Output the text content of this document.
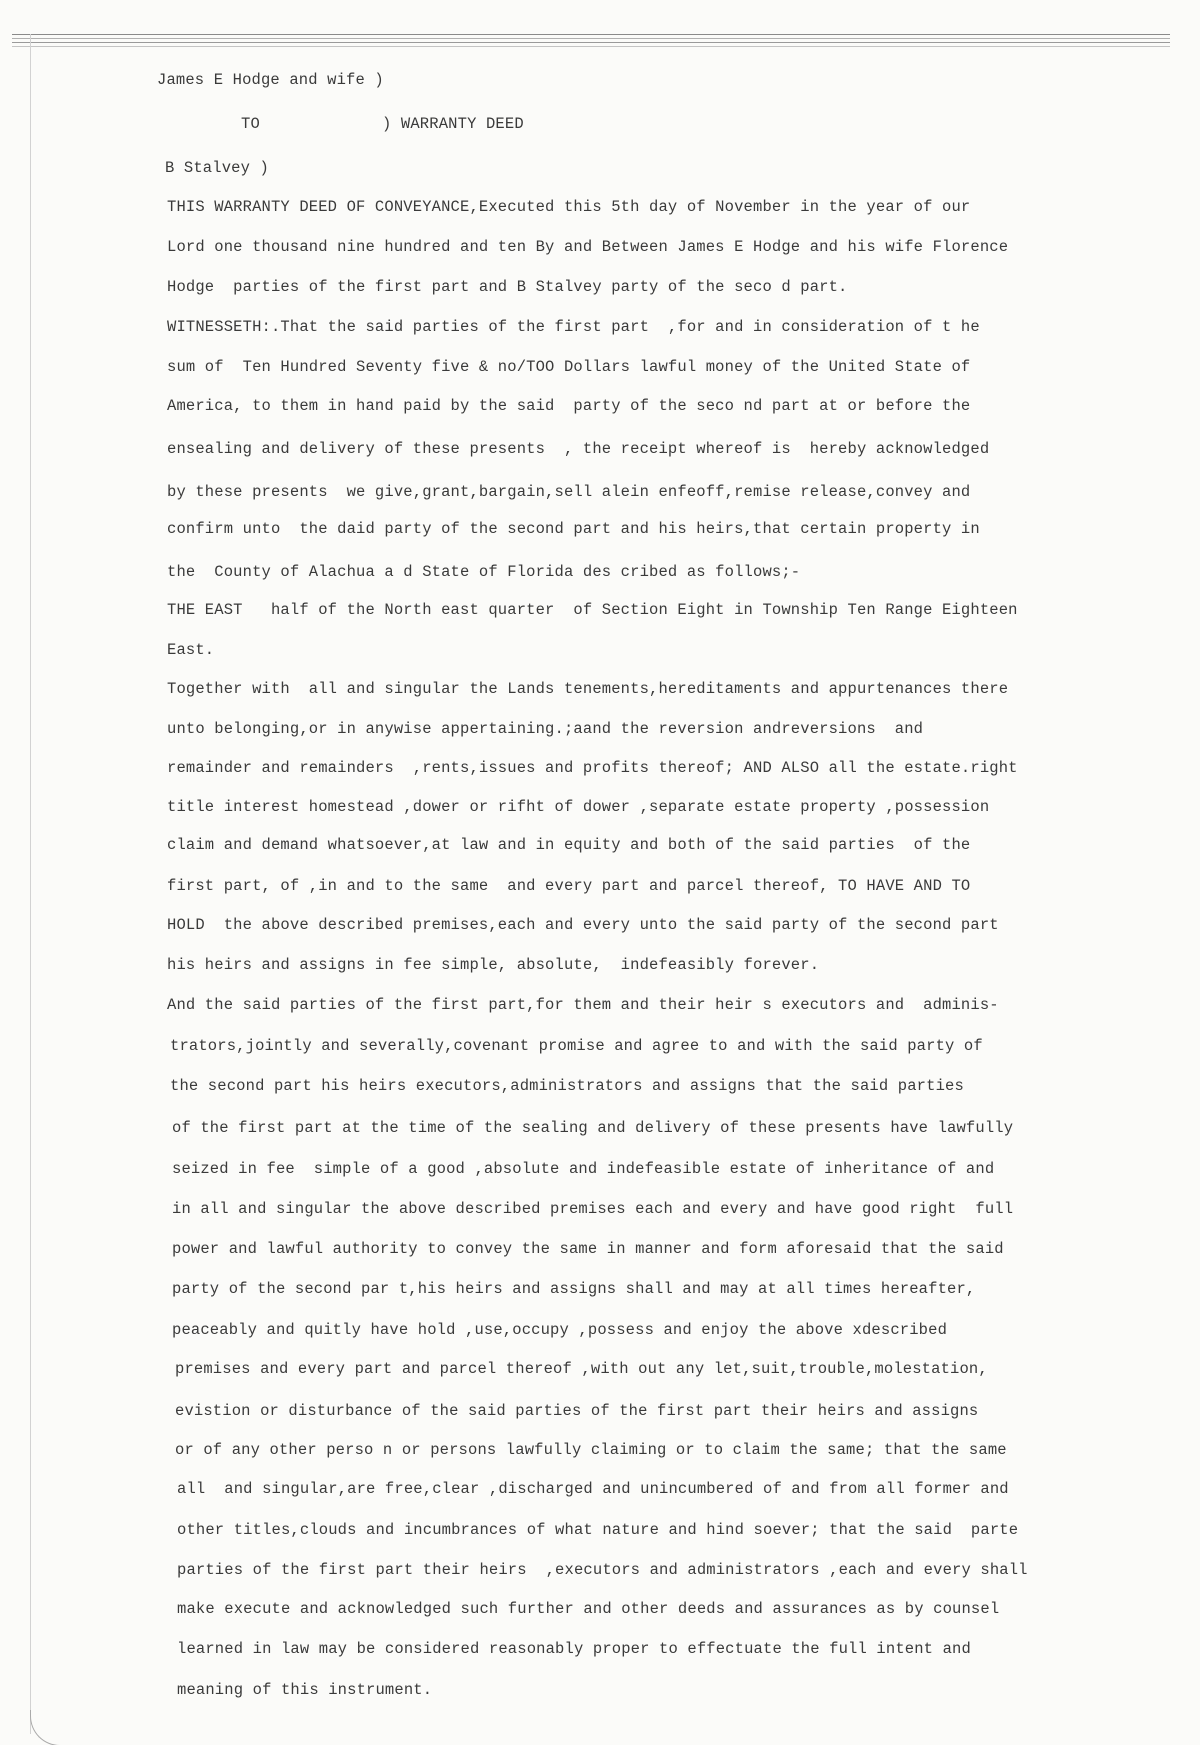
James E Hodge and wife )
TO	) WARRANTY DEED
B Stalvey )
THIS WARRANTY DEED OF CONVEYANCE,Executed this 5th day of November in the year of our
Lord one thousand nine hundred and ten By and Between James E Hodge and his wife Florence
Hodge  parties of the first part and B Stalvey party of the seco d part.
WITNESSETH:.That the said parties of the first part  ,for and in consideration of t he
sum of  Ten Hundred Seventy five & no/TOO Dollars lawful money of the United State of
America, to them in hand paid by the said  party of the seco nd part at or before the
ensealing and delivery of these presents  , the receipt whereof is  hereby acknowledged
by these presents  we give,grant,bargain,sell alein enfeoff,remise release,convey and
confirm unto  the daid party of the second part and his heirs,that certain property in
the  County of Alachua a d State of Florida des cribed as follows;-
THE EAST   half of the North east quarter  of Section Eight in Township Ten Range Eighteen
East.
Together with  all and singular the Lands tenements,hereditaments and appurtenances there
unto belonging,or in anywise appertaining.;aand the reversion andreversions  and
remainder and remainders  ,rents,issues and profits thereof; AND ALSO all the estate.right
title interest homestead ,dower or rifht of dower ,separate estate property ,possession
claim and demand whatsoever,at law and in equity and both of the said parties  of the
first part, of ,in and to the same  and every part and parcel thereof, TO HAVE AND TO
HOLD  the above described premises,each and every unto the said party of the second part
his heirs and assigns in fee simple, absolute,  indefeasibly forever.
And the said parties of the first part,for them and their heir s executors and  adminis-
trators,jointly and severally,covenant promise and agree to and with the said party of
the second part his heirs executors,administrators and assigns that the said parties
of the first part at the time of the sealing and delivery of these presents have lawfully
seized in fee  simple of a good ,absolute and indefeasible estate of inheritance of and
in all and singular the above described premises each and every and have good right  full
power and lawful authority to convey the same in manner and form aforesaid that the said
party of the second par t,his heirs and assigns shall and may at all times hereafter,
peaceably and quitly have hold ,use,occupy ,possess and enjoy the above xdescribed
premises and every part and parcel thereof ,with out any let,suit,trouble,molestation,
evistion or disturbance of the said parties of the first part their heirs and assigns
or of any other perso n or persons lawfully claiming or to claim the same; that the same
all  and singular,are free,clear ,discharged and unincumbered of and from all former and
other titles,clouds and incumbrances of what nature and hind soever; that the said  parte
parties of the first part their heirs  ,executors and administrators ,each and every shall
make execute and acknowledged such further and other deeds and assurances as by counsel
learned in law may be considered reasonably proper to effectuate the full intent and
meaning of this instrument.
